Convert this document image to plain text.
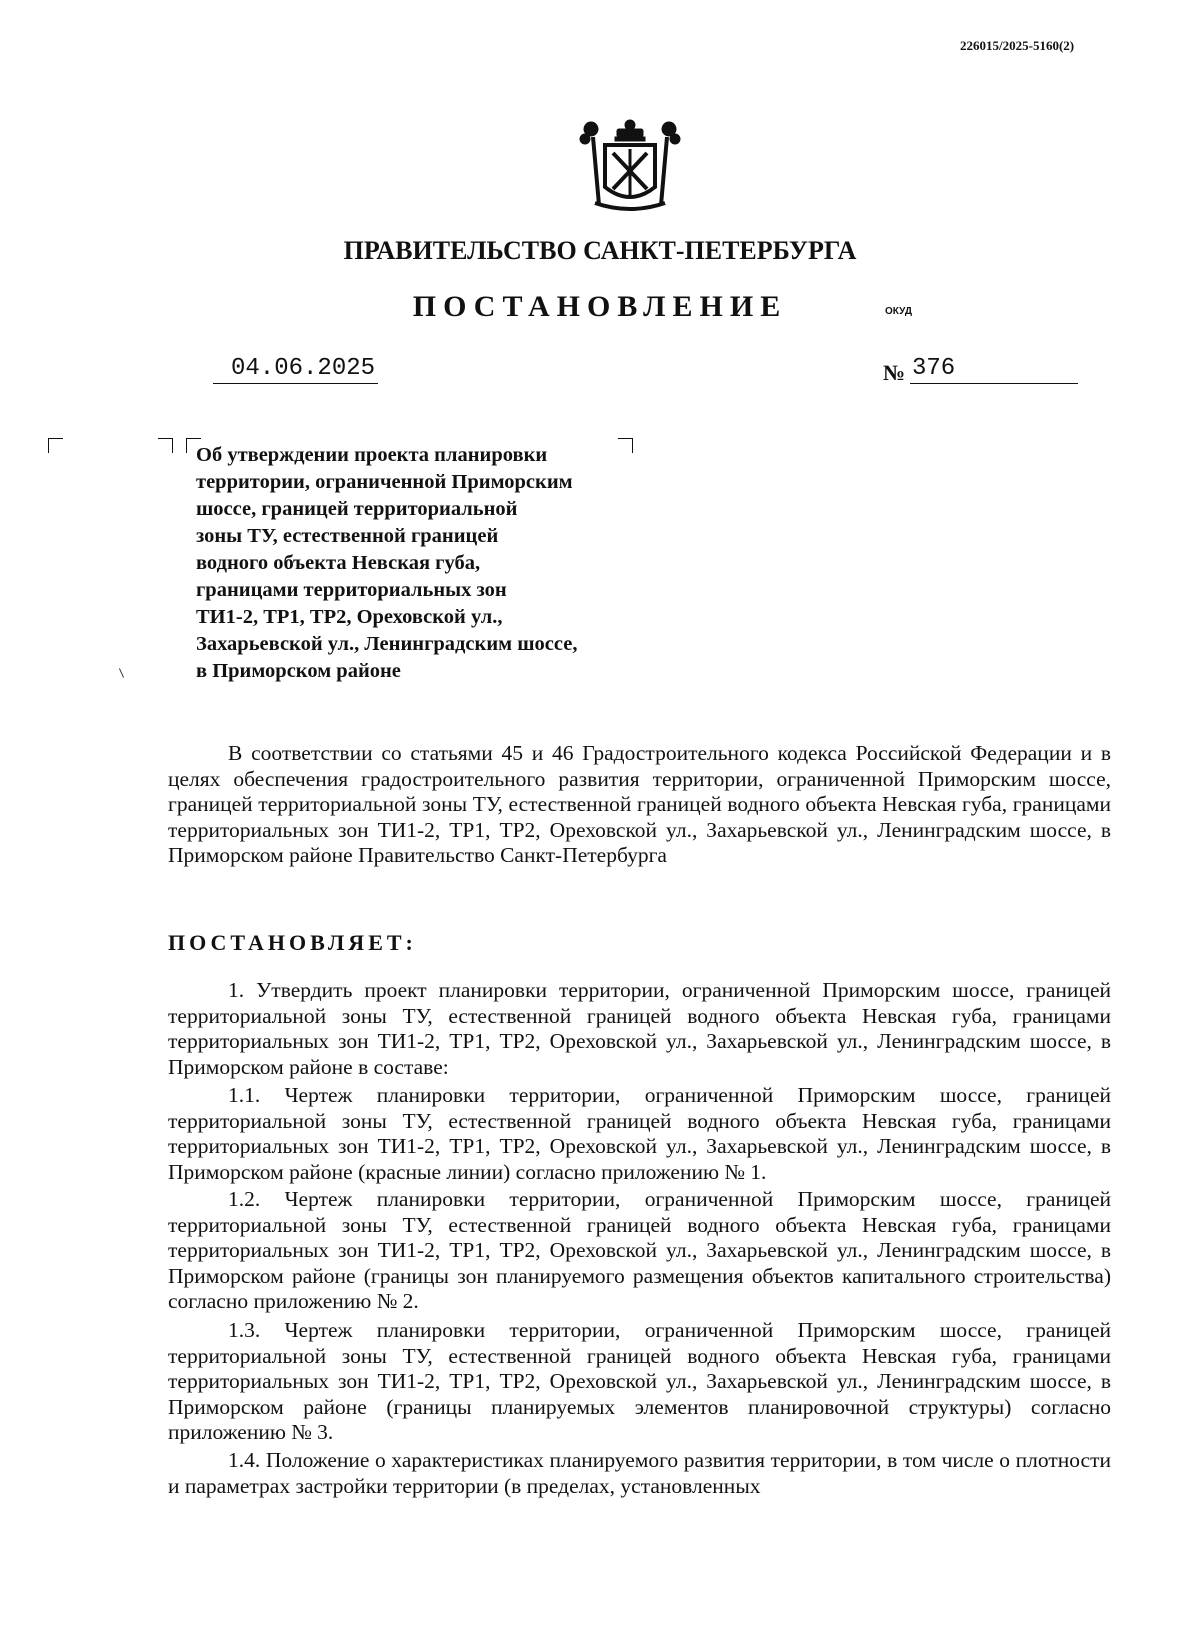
226015/2025-5160(2)
ПРАВИТЕЛЬСТВО САНКТ-ПЕТЕРБУРГА
ПОСТАНОВЛЕНИЕ	ОКУД
04.06.2025	№ 376
Об утверждении проекта планировки
территории, ограниченной Приморским
шоссе, границей территориальной
зоны ТУ, естественной границей
водного объекта Невская губа,
границами территориальных зон
ТИ1-2, ТР1, ТР2, Ореховской ул.,
Захарьевской ул., Ленинградским шоссе,
в Приморском районе
В соответствии со статьями 45 и 46 Градостроительного кодекса Российской Федерации и в целях обеспечения градостроительного развития территории, ограниченной Приморским шоссе, границей территориальной зоны ТУ, естественной границей водного объекта Невская губа, границами территориальных зон ТИ1-2, ТР1, ТР2, Ореховской ул., Захарьевской ул., Ленинградским шоссе, в Приморском районе Правительство Санкт-Петербурга
ПОСТАНОВЛЯЕТ:
1. Утвердить проект планировки территории, ограниченной Приморским шоссе, границей территориальной зоны ТУ, естественной границей водного объекта Невская губа, границами территориальных зон ТИ1-2, ТР1, ТР2, Ореховской ул., Захарьевской ул., Ленинградским шоссе, в Приморском районе в составе:
1.1. Чертеж планировки территории, ограниченной Приморским шоссе, границей территориальной зоны ТУ, естественной границей водного объекта Невская губа, границами территориальных зон ТИ1-2, ТР1, ТР2, Ореховской ул., Захарьевской ул., Ленинградским шоссе, в Приморском районе (красные линии) согласно приложению № 1.
1.2. Чертеж планировки территории, ограниченной Приморским шоссе, границей территориальной зоны ТУ, естественной границей водного объекта Невская губа, границами территориальных зон ТИ1-2, ТР1, ТР2, Ореховской ул., Захарьевской ул., Ленинградским шоссе, в Приморском районе (границы зон планируемого размещения объектов капитального строительства) согласно приложению № 2.
1.3. Чертеж планировки территории, ограниченной Приморским шоссе, границей территориальной зоны ТУ, естественной границей водного объекта Невская губа, границами территориальных зон ТИ1-2, ТР1, ТР2, Ореховской ул., Захарьевской ул., Ленинградским шоссе, в Приморском районе (границы планируемых элементов планировочной структуры) согласно приложению № 3.
1.4. Положение о характеристиках планируемого развития территории, в том числе о плотности и параметрах застройки территории (в пределах, установленных
